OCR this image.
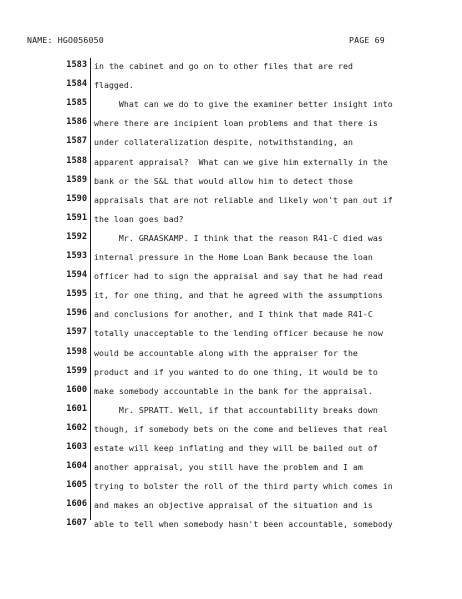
NAME: HGO056050	PAGE 69
1583 in the cabinet and go on to other files that are red
1584 flagged.
1585 What can we do to give the examiner better insight into
1586 where there are incipient loan problems and that there is
1587 under collateralization despite, notwithstanding, an
1588 apparent appraisal?  What can we give him externally in the
1589 bank or the S&L that would allow him to detect those
1590 appraisals that are not reliable and likely won't pan out if
1591 the loan goes bad?
1592 Mr. GRAASKAMP. I think that the reason R41-C died was
1593 internal pressure in the Home Loan Bank because the loan
1594 officer had to sign the appraisal and say that he had read
1595 it, for one thing, and that he agreed with the assumptions
1596 and conclusions for another, and I think that made R41-C
1597 totally unacceptable to the lending officer because he now
1598 would be accountable along with the appraiser for the
1599 product and if you wanted to do one thing, it would be to
1600 make somebody accountable in the bank for the appraisal.
1601 Mr. SPRATT. Well, if that accountability breaks down
1602 though, if somebody bets on the come and believes that real
1603 estate will keep inflating and they will be bailed out of
1604 another appraisal, you still have the problem and I am
1605 trying to bolster the roll of the third party which comes in
1606 and makes an objective appraisal of the situation and is
1607 able to tell when somebody hasn't been accountable, somebody
